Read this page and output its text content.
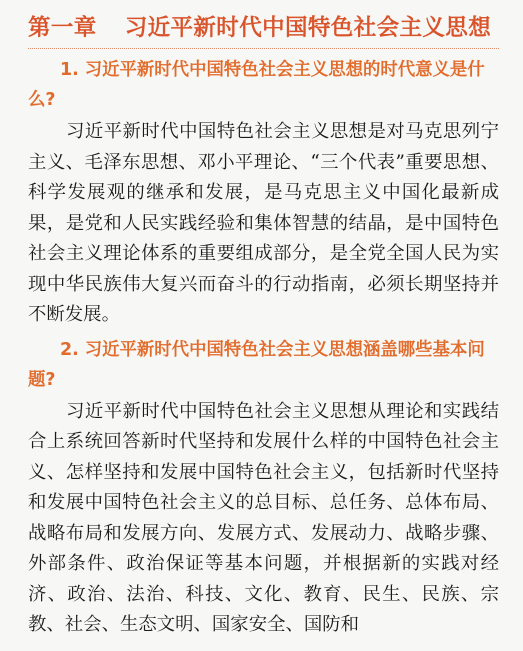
第一章 习近平新时代中国特色社会主义思想
1. 习近平新时代中国特色社会主义思想的时代意义是什么?

习近平新时代中国特色社会主义思想是对马克思列宁主义、毛泽东思想、邓小平理论、“三个代表”重要思想、科学发展观的继承和发展，是马克思主义中国化最新成果，是党和人民实践经验和集体智慧的结晶，是中国特色社会主义理论体系的重要组成部分，是全党全国人民为实现中华民族伟大复兴而奋斗的行动指南，必须长期坚持并不断发展。

2. 习近平新时代中国特色社会主义思想涵盖哪些基本问题?

习近平新时代中国特色社会主义思想从理论和实践结合上系统回答新时代坚持和发展什么样的中国特色社会主义、怎样坚持和发展中国特色社会主义，包括新时代坚持和发展中国特色社会主义的总目标、总任务、总体布局、战略布局和发展方向、发展方式、发展动力、战略步骤、外部条件、政治保证等基本问题，并根据新的实践对经济、政治、法治、科技、文化、教育、民生、民族、宗教、社会、生态文明、国家安全、国防和
